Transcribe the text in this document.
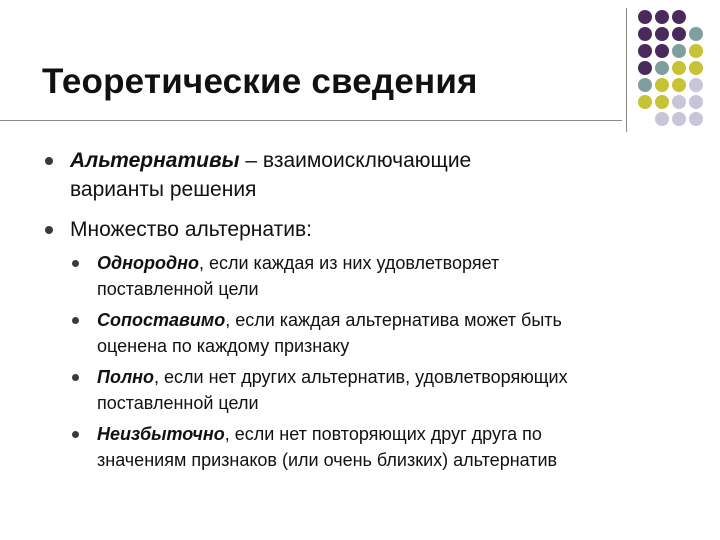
Теоретические сведения
Альтернативы – взаимоисключающие
варианты решения
Множество альтернатив:
Однородно, если каждая из них удовлетворяет
поставленной цели
Сопоставимо, если каждая альтернатива может быть
оценена по каждому признаку
Полно, если нет других альтернатив, удовлетворяющих
поставленной цели
Неизбыточно, если нет повторяющих друг друга по
значениям признаков (или очень близких) альтернатив
